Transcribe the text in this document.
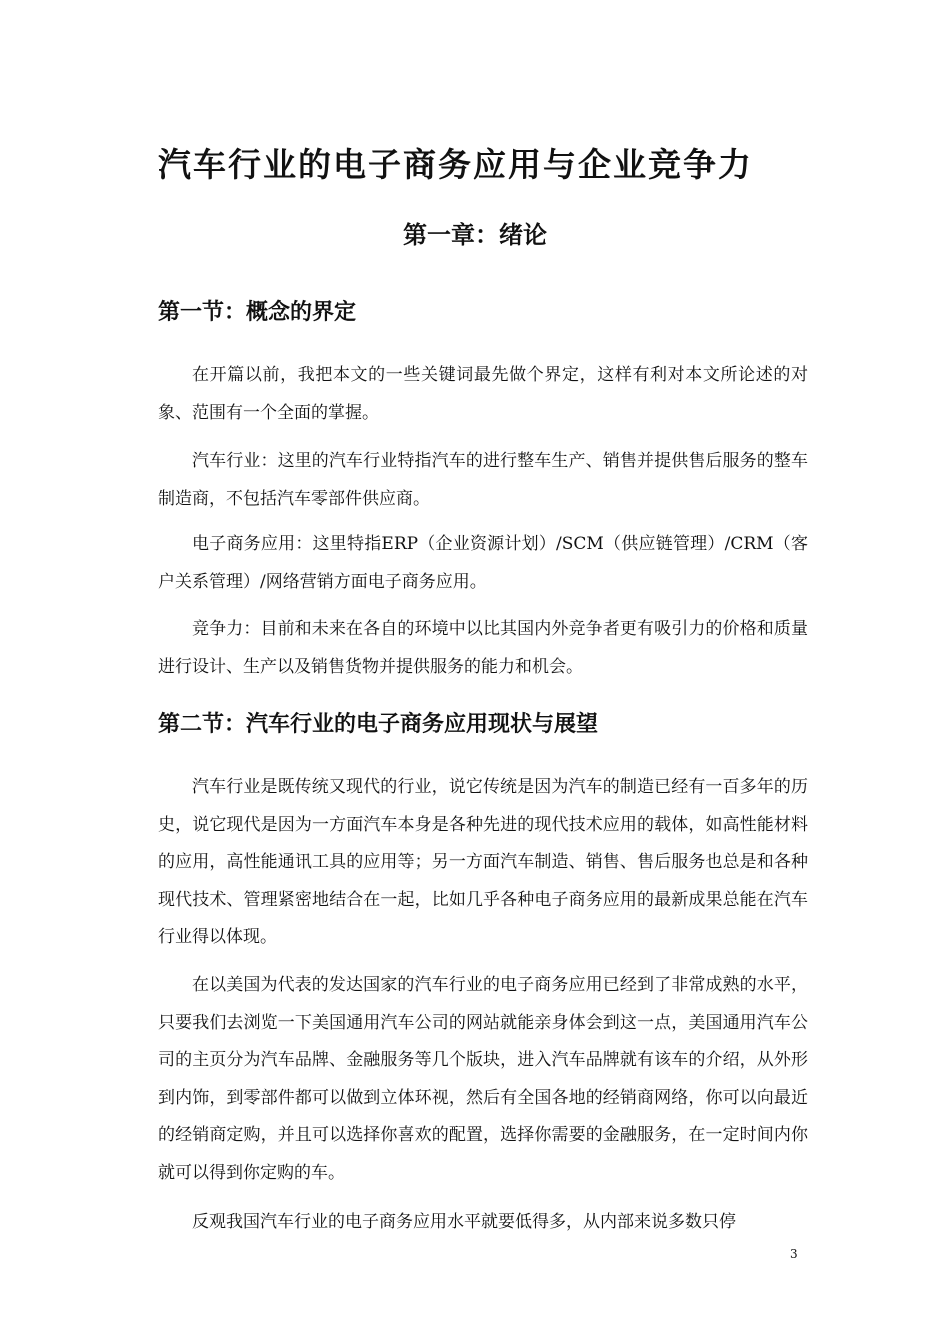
汽车行业的电子商务应用与企业竞争力
第一章：绪论
第一节：概念的界定

在开篇以前，我把本文的一些关键词最先做个界定，这样有利对本文所论述的对象、范围有一个全面的掌握。

汽车行业：这里的汽车行业特指汽车的进行整车生产、销售并提供售后服务的整车制造商，不包括汽车零部件供应商。

电子商务应用：这里特指ERP（企业资源计划）/SCM（供应链管理）/CRM（客户关系管理）/网络营销方面电子商务应用。

竞争力：目前和未来在各自的环境中以比其国内外竞争者更有吸引力的价格和质量进行设计、生产以及销售货物并提供服务的能力和机会。

第二节：汽车行业的电子商务应用现状与展望

汽车行业是既传统又现代的行业，说它传统是因为汽车的制造已经有一百多年的历史，说它现代是因为一方面汽车本身是各种先进的现代技术应用的载体，如高性能材料的应用，高性能通讯工具的应用等；另一方面汽车制造、销售、售后服务也总是和各种现代技术、管理紧密地结合在一起，比如几乎各种电子商务应用的最新成果总能在汽车行业得以体现。

在以美国为代表的发达国家的汽车行业的电子商务应用已经到了非常成熟的水平，只要我们去浏览一下美国通用汽车公司的网站就能亲身体会到这一点，美国通用汽车公司的主页分为汽车品牌、金融服务等几个版块，进入汽车品牌就有该车的介绍，从外形到内饰，到零部件都可以做到立体环视，然后有全国各地的经销商网络，你可以向最近的经销商定购，并且可以选择你喜欢的配置，选择你需要的金融服务，在一定时间内你就可以得到你定购的车。

反观我国汽车行业的电子商务应用水平就要低得多，从内部来说多数只停

3
